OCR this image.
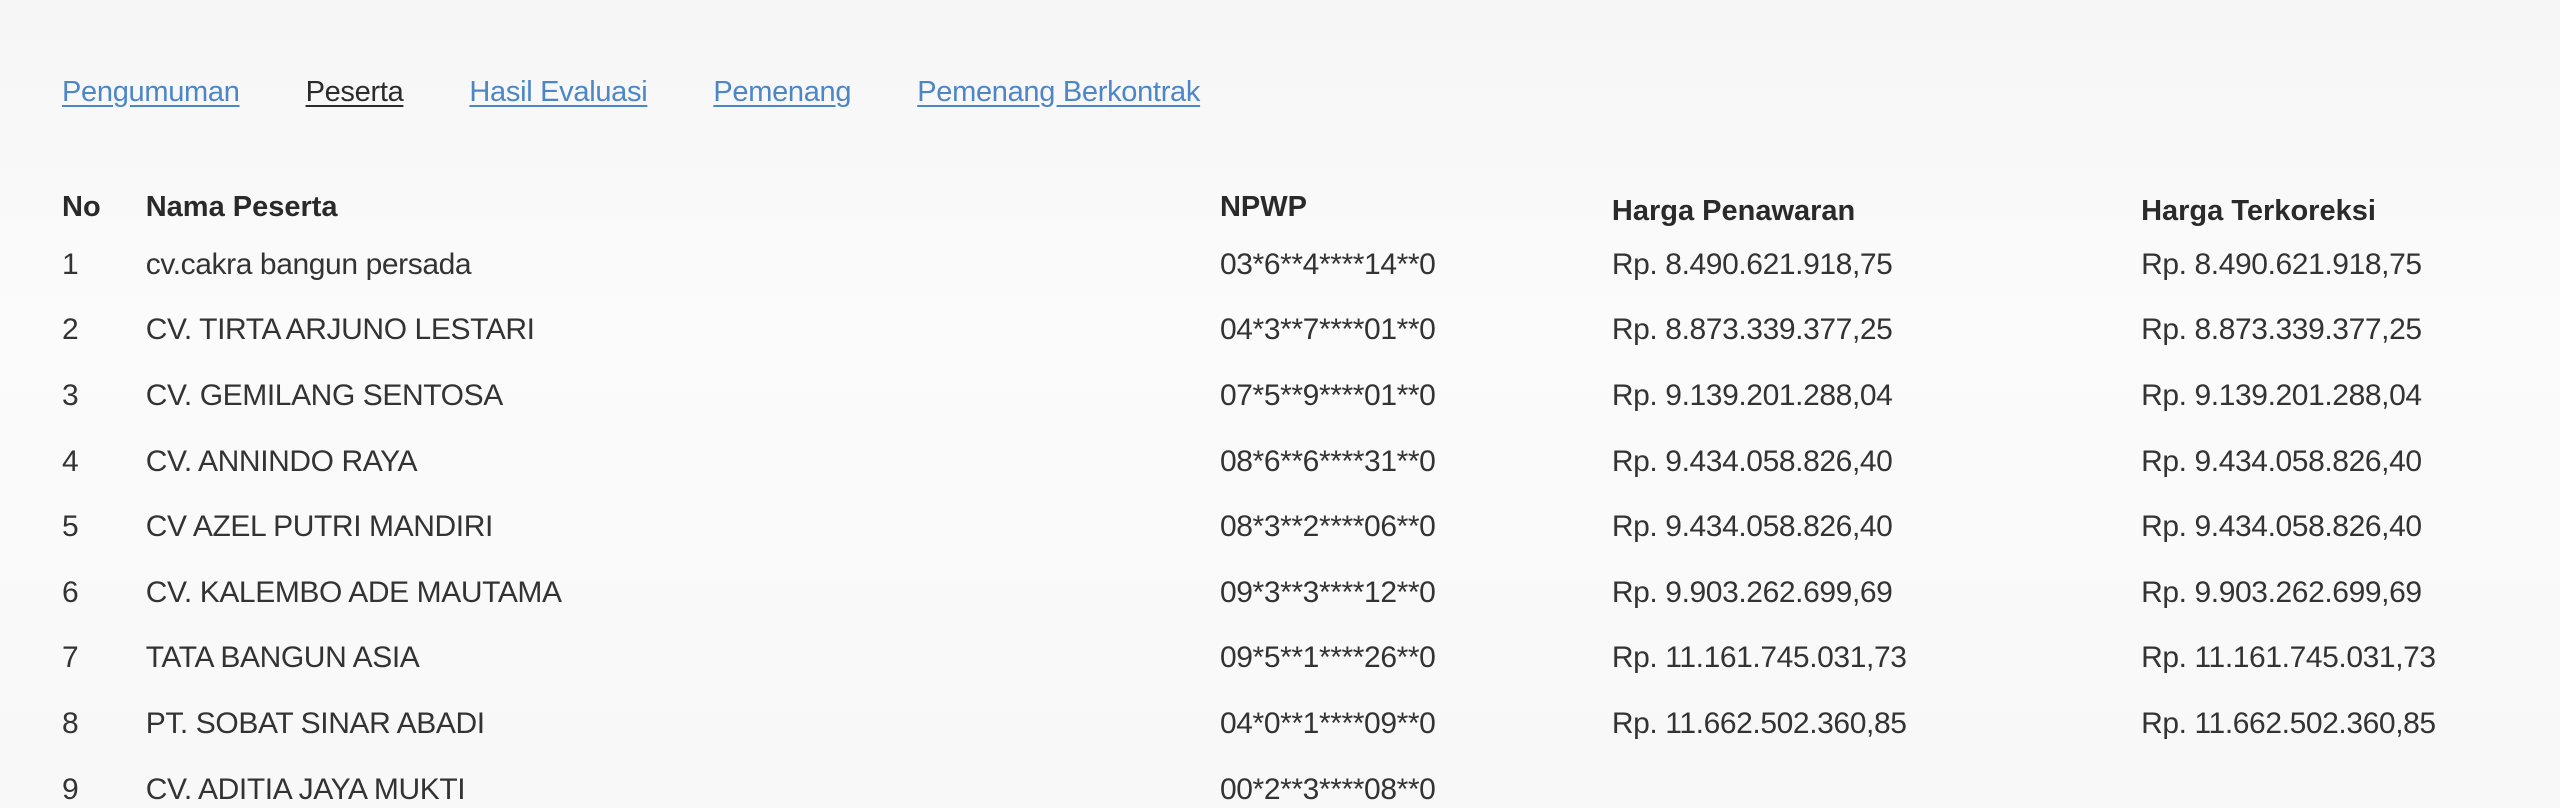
Pengumuman Peserta Hasil Evaluasi Pemenang Pemenang Berkontrak
No	Nama Peserta	NPWP	Harga Penawaran	Harga Terkoreksi
1	cv.cakra bangun persada	03*6**4****14**0	Rp. 8.490.621.918,75	Rp. 8.490.621.918,75
2	CV. TIRTA ARJUNO LESTARI	04*3**7****01**0	Rp. 8.873.339.377,25	Rp. 8.873.339.377,25
3	CV. GEMILANG SENTOSA	07*5**9****01**0	Rp. 9.139.201.288,04	Rp. 9.139.201.288,04
4	CV. ANNINDO RAYA	08*6**6****31**0	Rp. 9.434.058.826,40	Rp. 9.434.058.826,40
5	CV AZEL PUTRI MANDIRI	08*3**2****06**0	Rp. 9.434.058.826,40	Rp. 9.434.058.826,40
6	CV. KALEMBO ADE MAUTAMA	09*3**3****12**0	Rp. 9.903.262.699,69	Rp. 9.903.262.699,69
7	TATA BANGUN ASIA	09*5**1****26**0	Rp. 11.161.745.031,73	Rp. 11.161.745.031,73
8	PT. SOBAT SINAR ABADI	04*0**1****09**0	Rp. 11.662.502.360,85	Rp. 11.662.502.360,85
9	CV. ADITIA JAYA MUKTI	00*2**3****08**0		
